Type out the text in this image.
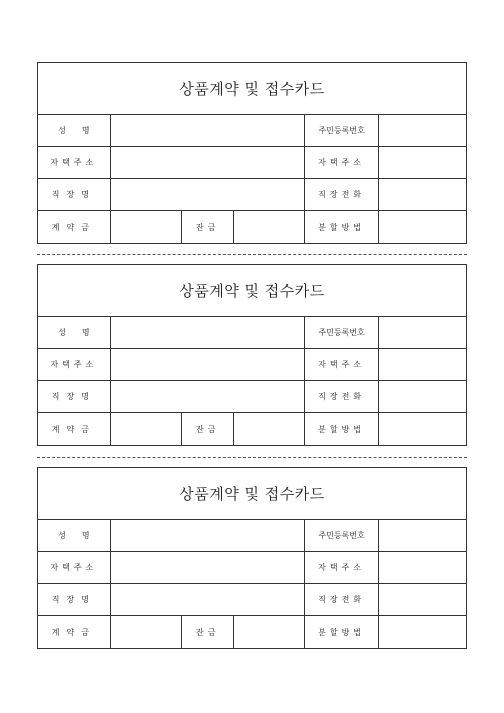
상품계약 및 접수카드
성　　명	주민등록번호
자택주소	자택주소
직장명	직장전화
계약금	잔금	분할방법
상품계약 및 접수카드
성　　명	주민등록번호
자택주소	자택주소
직장명	직장전화
계약금	잔금	분할방법
상품계약 및 접수카드
성　　명	주민등록번호
자택주소	자택주소
직장명	직장전화
계약금	잔금	분할방법
